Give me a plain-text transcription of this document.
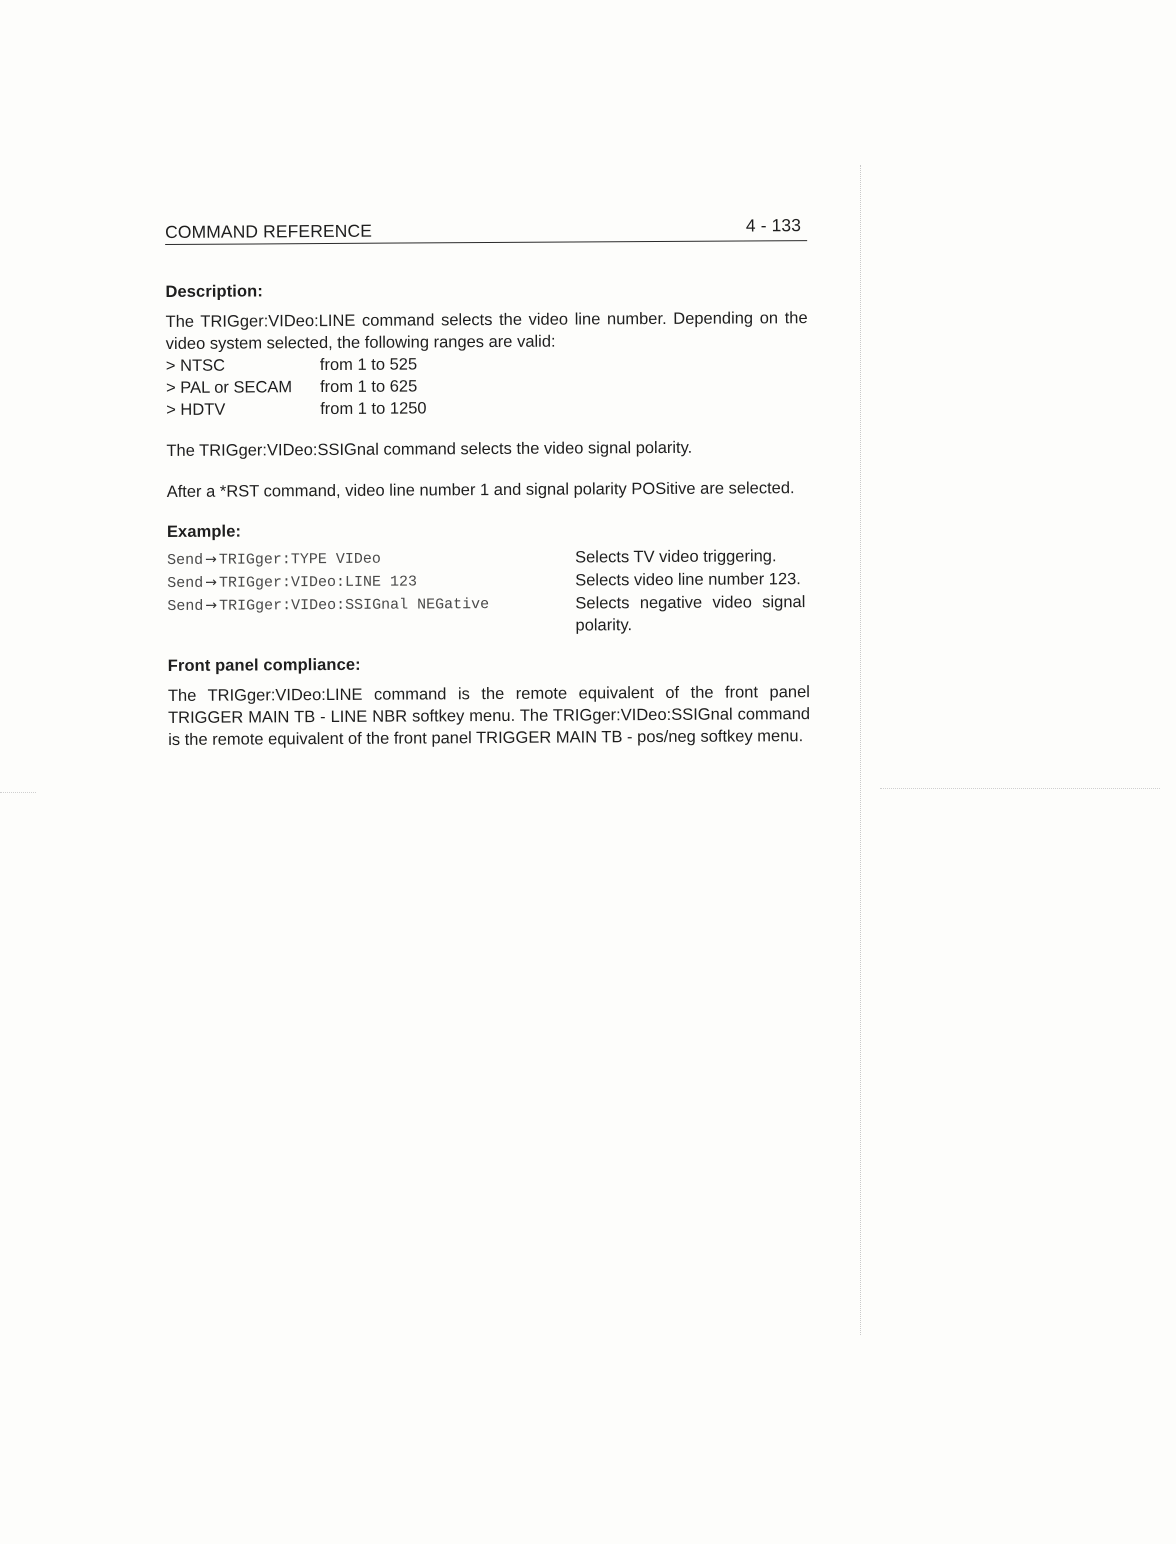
COMMAND REFERENCE	4 - 133
Description:

The TRIGger:VIDeo:LINE command selects the video line number. Depending on the video system selected, the following ranges are valid:

> NTSC	from 1 to 525
> PAL or SECAM	from 1 to 625
> HDTV	from 1 to 1250

The TRIGger:VIDeo:SSIGnal command selects the video signal polarity.

After a *RST command, video line number 1 and signal polarity POSitive are selected.

Example:
Send → TRIGger:TYPE VIDeo	Selects TV video triggering.
Send → TRIGger:VIDeo:LINE 123	Selects video line number 123.
Send → TRIGger:VIDeo:SSIGnal NEGative	Selects negative video signal polarity.
Front panel compliance:

The TRIGger:VIDeo:LINE command is the remote equivalent of the front panel TRIGGER MAIN TB - LINE NBR softkey menu. The TRIGger:VIDeo:SSIGnal command is the remote equivalent of the front panel TRIGGER MAIN TB - pos/neg softkey menu.
